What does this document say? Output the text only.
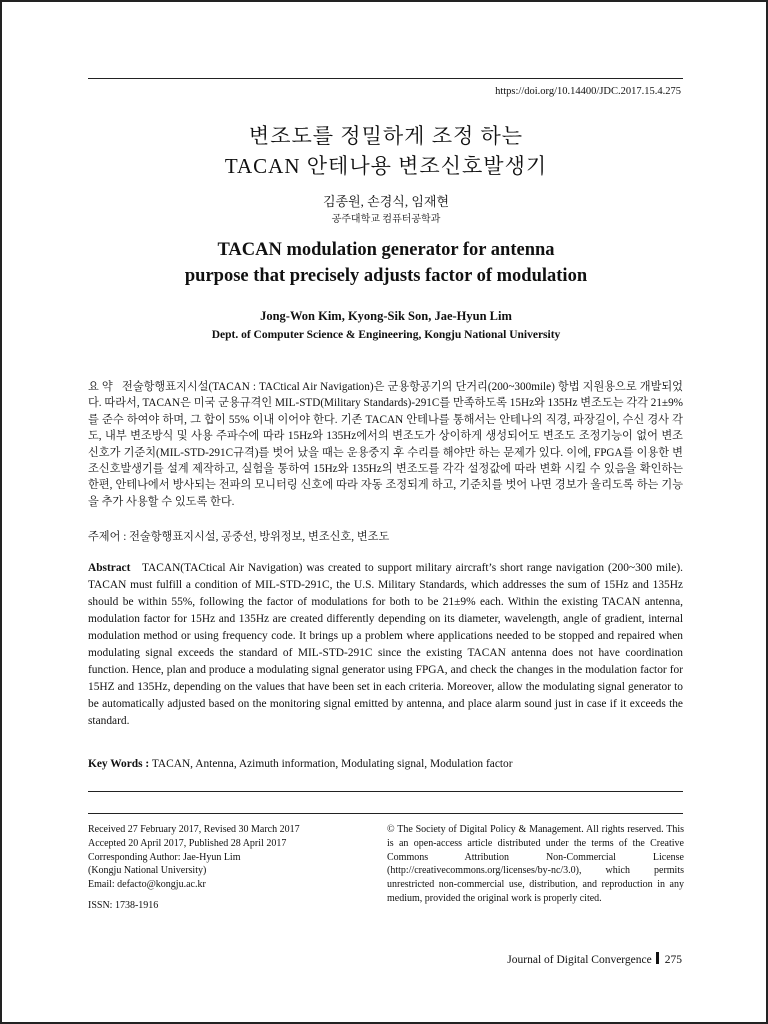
https://doi.org/10.14400/JDC.2017.15.4.275
변조도를 정밀하게 조정 하는
TACAN 안테나용 변조신호발생기
김종원, 손경식, 임재현
공주대학교 컴퓨터공학과
TACAN modulation generator for antenna
purpose that precisely adjusts factor of modulation
Jong-Won Kim, Kyong-Sik Son, Jae-Hyun Lim
Dept. of Computer Science & Engineering, Kongju National University
요 약 전술항행표지시설(TACAN : TACtical Air Navigation)은 군용항공기의 단거리(200~300mile) 항법 지원용으로 개발되었다. 따라서, TACAN은 미국 군용규격인 MIL-STD(Military Standards)-291C를 만족하도록 15Hz와 135Hz 변조도는 각각 21±9%를 준수 하여야 하며, 그 합이 55% 이내 이어야 한다. 기존 TACAN 안테나를 통해서는 안테나의 직경, 파장길이, 수신 경사 각도, 내부 변조방식 및 사용 주파수에 따라 15Hz와 135Hz에서의 변조도가 상이하게 생성되어도 변조도 조정기능이 없어 변조신호가 기준치(MIL-STD-291C규격)를 벗어 났을 때는 운용중지 후 수리를 해야만 하는 문제가 있다. 이에, FPGA를 이용한 변조신호발생기를 설계 제작하고, 실험을 통하여 15Hz와 135Hz의 변조도를 각각 설정값에 따라 변화 시킬 수 있음을 확인하는 한편, 안테나에서 방사되는 전파의 모니터링 신호에 따라 자동 조정되게 하고, 기준치를 벗어 나면 경보가 울리도록 하는 기능을 추가 사용할 수 있도록 한다.
주제어 : 전술항행표지시설, 공중선, 방위정보, 변조신호, 변조도
Abstract TACAN(TACtical Air Navigation) was created to support military aircraft’s short range navigation (200~300 mile). TACAN must fulfill a condition of MIL-STD-291C, the U.S. Military Standards, which addresses the sum of 15Hz and 135Hz should be within 55%, following the factor of modulations for both to be 21±9% each. Within the existing TACAN antenna, modulation factor for 15Hz and 135Hz are created differently depending on its diameter, wavelength, angle of gradient, internal modulation method or using frequency code. It brings up a problem where applications needed to be stopped and repaired when modulating signal exceeds the standard of MIL-STD-291C since the existing TACAN antenna does not have coordination function. Hence, plan and produce a modulating signal generator using FPGA, and check the changes in the modulation factor for 15HZ and 135Hz, depending on the values that have been set in each criteria. Moreover, allow the modulating signal generator to be automatically adjusted based on the monitoring signal emitted by antenna, and place alarm sound just in case if it exceeds the standard.
Key Words : TACAN, Antenna, Azimuth information, Modulating signal, Modulation factor
Received 27 February 2017, Revised 30 March 2017
Accepted 20 April 2017, Published 28 April 2017
Corresponding Author: Jae-Hyun Lim
(Kongju National University)
Email: defacto@kongju.ac.kr
ISSN: 1738-1916
© The Society of Digital Policy & Management. All rights reserved. This is an open-access article distributed under the terms of the Creative Commons Attribution Non-Commercial License (http://creativecommons.org/licenses/by-nc/3.0), which permits unrestricted non-commercial use, distribution, and reproduction in any medium, provided the original work is properly cited.
Journal of Digital Convergence 275
